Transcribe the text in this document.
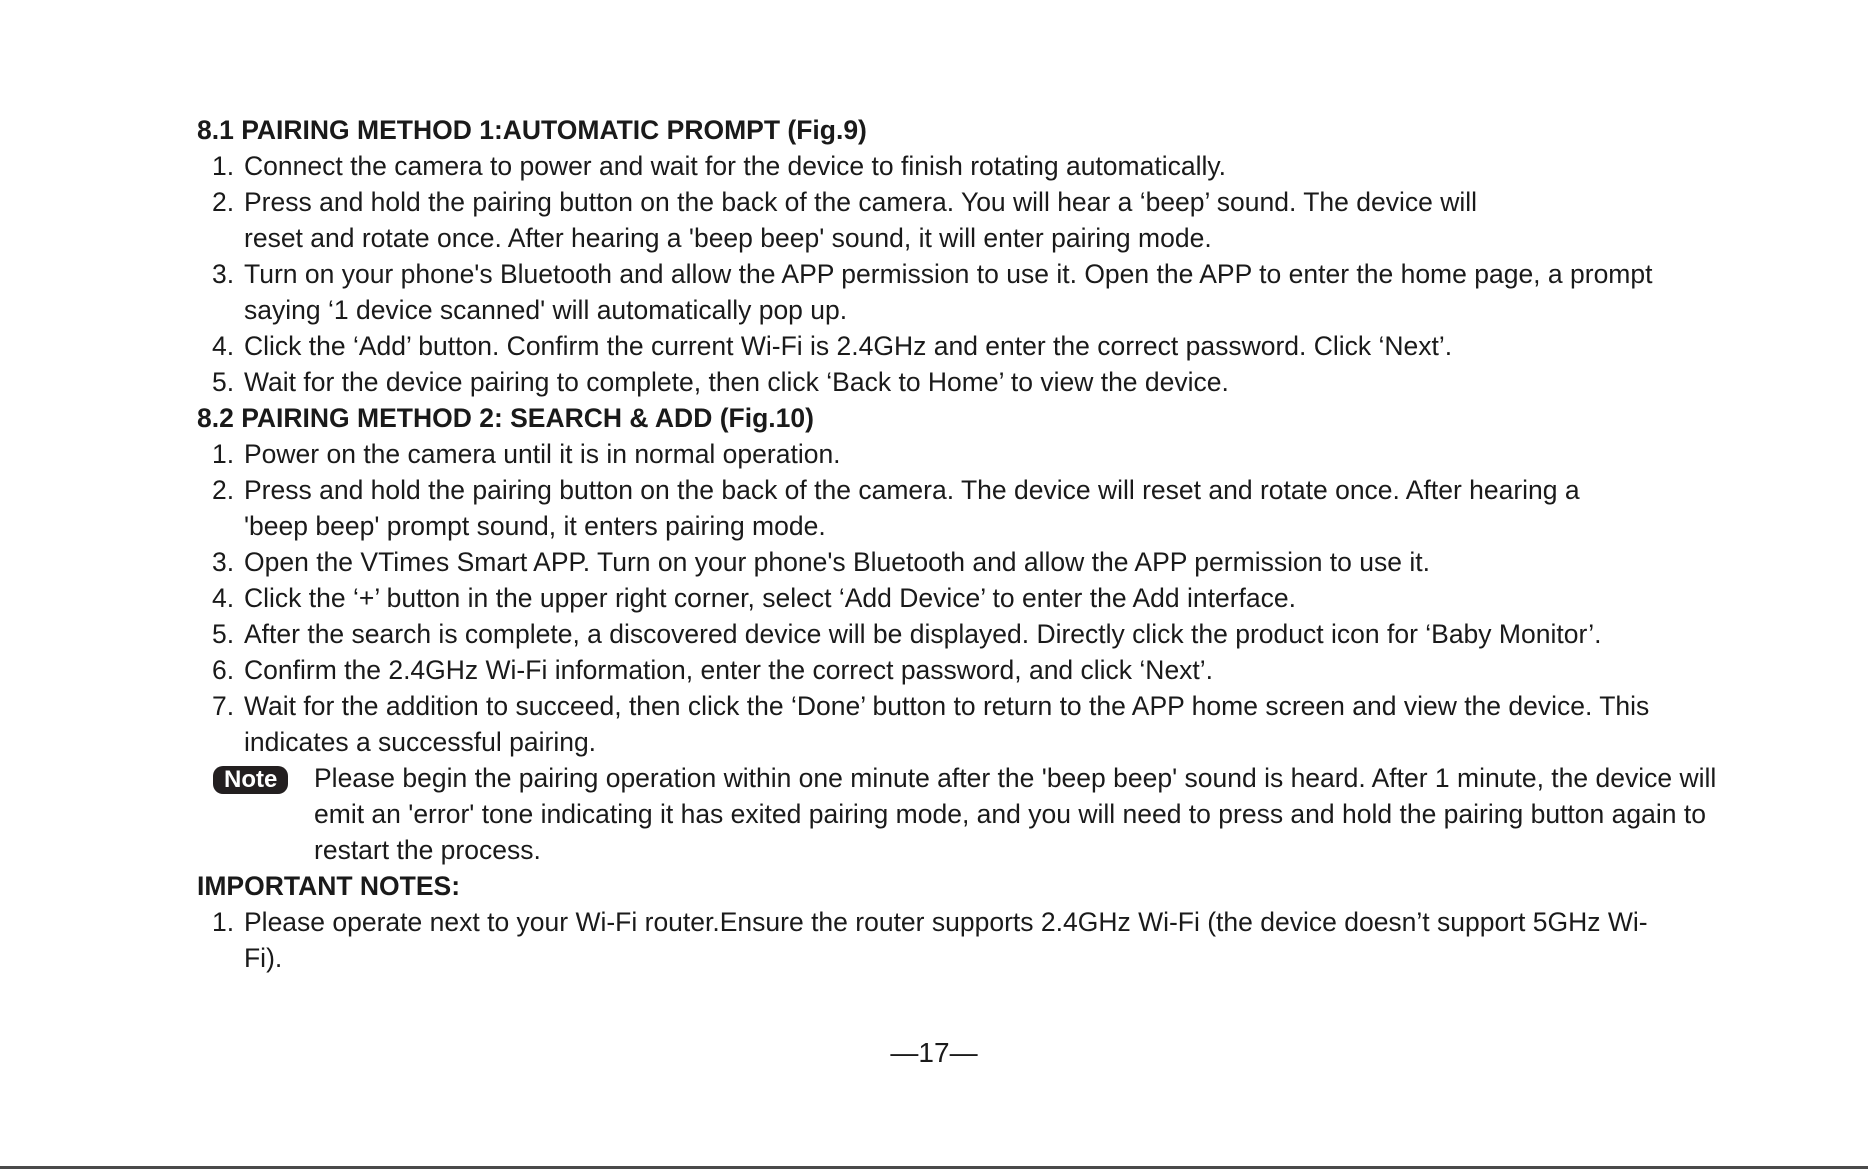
8.1 PAIRING METHOD 1:AUTOMATIC PROMPT (Fig.9)

1. Connect the camera to power and wait for the device to finish rotating automatically.
2. Press and hold the pairing button on the back of the camera. You will hear a ‘beep’ sound. The device will reset and rotate once. After hearing a 'beep beep' sound, it will enter pairing mode.
3. Turn on your phone's Bluetooth and allow the APP permission to use it. Open the APP to enter the home page, a prompt saying ‘1 device scanned' will automatically pop up.
4. Click the ‘Add’ button. Confirm the current Wi-Fi is 2.4GHz and enter the correct password. Click ‘Next’.
5. Wait for the device pairing to complete, then click ‘Back to Home’ to view the device.

8.2 PAIRING METHOD 2: SEARCH & ADD (Fig.10)

1. Power on the camera until it is in normal operation.
2. Press and hold the pairing button on the back of the camera. The device will reset and rotate once. After hearing a 'beep beep' prompt sound, it enters pairing mode.
3. Open the VTimes Smart APP. Turn on your phone's Bluetooth and allow the APP permission to use it.
4. Click the ‘+’ button in the upper right corner, select ‘Add Device’ to enter the Add interface.
5. After the search is complete, a discovered device will be displayed. Directly click the product icon for ‘Baby Monitor’.
6. Confirm the 2.4GHz Wi-Fi information, enter the correct password, and click ‘Next’.
7. Wait for the addition to succeed, then click the ‘Done’ button to return to the APP home screen and view the device. This indicates a successful pairing.
Note	Please begin the pairing operation within one minute after the 'beep beep' sound is heard. After 1 minute, the device will emit an 'error' tone indicating it has exited pairing mode, and you will need to press and hold the pairing button again to restart the process.

IMPORTANT NOTES:

1. Please operate next to your Wi-Fi router.Ensure the router supports 2.4GHz Wi-Fi (the device doesn’t support 5GHz Wi-Fi).
—17—
